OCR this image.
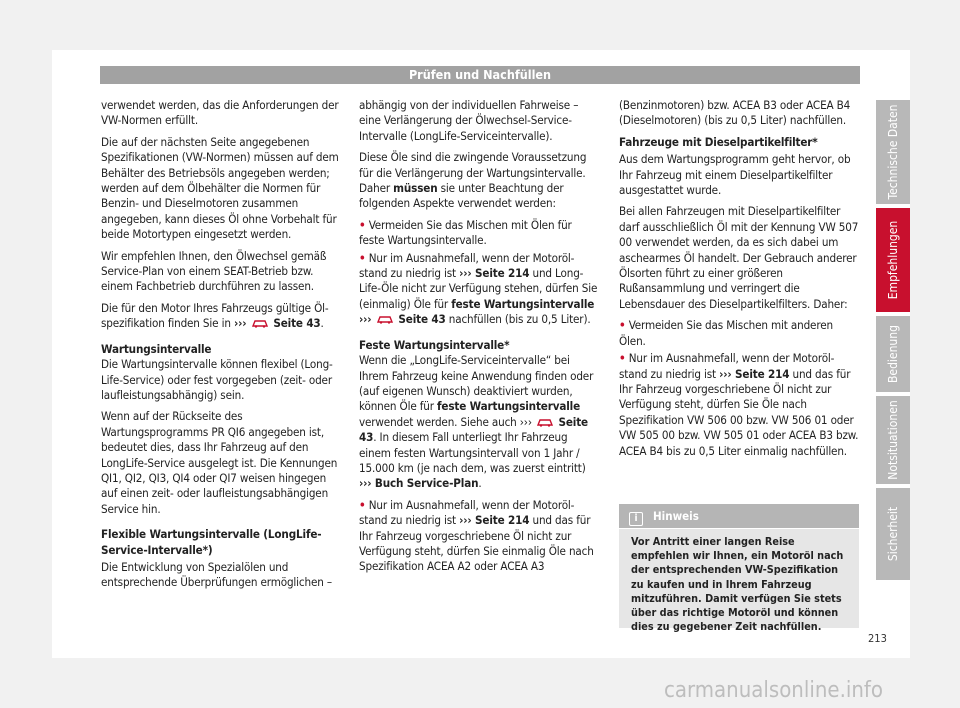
Prüfen und Nachfüllen

verwendet werden, das die Anforderungen der VW-Normen erfüllt.

Die auf der nächsten Seite angegebenen Spezifikationen (VW-Normen) müssen auf dem Behälter des Betriebsöls angegeben werden; werden auf dem Ölbehälter die Normen für Benzin- und Dieselmotoren zusammen angegeben, kann dieses Öl ohne Vorbehalt für beide Motortypen eingesetzt werden.

Wir empfehlen Ihnen, den Ölwechsel gemäß Service-Plan von einem SEAT-Betrieb bzw. einem Fachbetrieb durchführen zu lassen.

Die für den Motor Ihres Fahrzeugs gültige Öl-spezifikation finden Sie in ›››  Seite 43.

Wartungsintervalle

Die Wartungsintervalle können flexibel (Long-Life-Service) oder fest vorgegeben (zeit- oder laufleistungsabhängig) sein.

Wenn auf der Rückseite des Wartungsprogramms PR QI6 angegeben ist, bedeutet dies, dass Ihr Fahrzeug auf den LongLife-Service ausgelegt ist. Die Kennungen QI1, QI2, QI3, QI4 oder QI7 weisen hingegen auf einen zeit- oder laufleistungsabhängigen Service hin.

Flexible Wartungsintervalle (LongLife-Service-Intervalle*)

Die Entwicklung von Spezialölen und entsprechende Überprüfungen ermöglichen –

abhängig von der individuellen Fahrweise – eine Verlängerung der Ölwechsel-Service-Intervalle (LongLife-Serviceintervalle).

Diese Öle sind die zwingende Voraussetzung für die Verlängerung der Wartungsintervalle. Daher müssen sie unter Beachtung der folgenden Aspekte verwendet werden:

• Vermeiden Sie das Mischen mit Ölen für feste Wartungsintervalle.

• Nur im Ausnahmefall, wenn der Motoröl-stand zu niedrig ist ››› Seite 214 und Long-Life-Öle nicht zur Verfügung stehen, dürfen Sie (einmalig) Öle für feste Wartungsintervalle ›››  Seite 43 nachfüllen (bis zu 0,5 Liter).

Feste Wartungsintervalle*

Wenn die „LongLife-Serviceintervalle“ bei Ihrem Fahrzeug keine Anwendung finden oder (auf eigenen Wunsch) deaktiviert wurden, können Öle für feste Wartungsintervalle verwendet werden. Siehe auch ›››  Seite 43. In diesem Fall unterliegt Ihr Fahrzeug einem festen Wartungsintervall von 1 Jahr / 15.000 km (je nach dem, was zuerst eintritt) ››› Buch Service-Plan.

• Nur im Ausnahmefall, wenn der Motoröl-stand zu niedrig ist ››› Seite 214 und das für Ihr Fahrzeug vorgeschriebene Öl nicht zur Verfügung steht, dürfen Sie einmalig Öle nach Spezifikation ACEA A2 oder ACEA A3

(Benzinmotoren) bzw. ACEA B3 oder ACEA B4 (Dieselmotoren) (bis zu 0,5 Liter) nachfüllen.

Fahrzeuge mit Dieselpartikelfilter*

Aus dem Wartungsprogramm geht hervor, ob Ihr Fahrzeug mit einem Dieselpartikelfilter ausgestattet wurde.

Bei allen Fahrzeugen mit Dieselpartikelfilter darf ausschließlich Öl mit der Kennung VW 507 00 verwendet werden, da es sich dabei um aschearmes Öl handelt. Der Gebrauch anderer Ölsorten führt zu einer größeren Rußansammlung und verringert die Lebensdauer des Dieselpartikelfilters. Daher:

• Vermeiden Sie das Mischen mit anderen Ölen.

• Nur im Ausnahmefall, wenn der Motoröl-stand zu niedrig ist ››› Seite 214 und das für Ihr Fahrzeug vorgeschriebene Öl nicht zur Verfügung steht, dürfen Sie Öle nach Spezifikation VW 506 00 bzw. VW 506 01 oder VW 505 00 bzw. VW 505 01 oder ACEA B3 bzw. ACEA B4 bis zu 0,5 Liter einmalig nachfüllen.

i Hinweis
Vor Antritt einer langen Reise empfehlen wir Ihnen, ein Motoröl nach der entsprechenden VW-Spezifikation zu kaufen und in Ihrem Fahrzeug mitzuführen. Damit verfügen Sie stets über das richtige Motoröl und können dies zu gegebener Zeit nachfüllen.
Technische Daten
Empfehlungen
Bedienung
Notsituationen
Sicherheit
213
carmanualsonline.info
